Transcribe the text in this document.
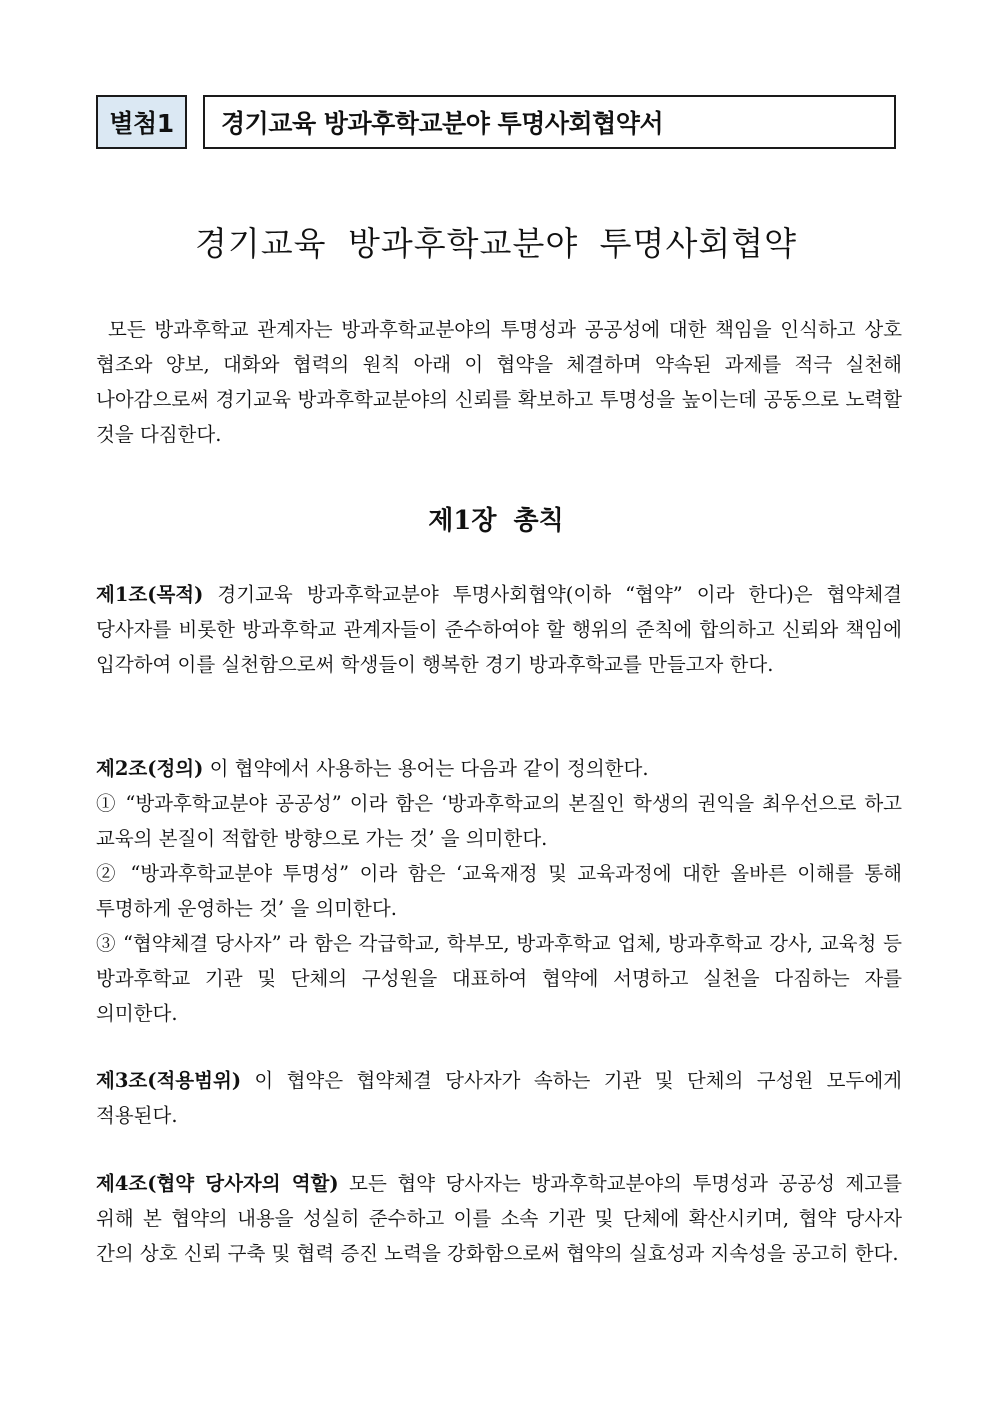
별첨1	경기교육 방과후학교분야 투명사회협약서
경기교육 방과후학교분야 투명사회협약
모든 방과후학교 관계자는 방과후학교분야의 투명성과 공공성에 대한 책임을 인식하고 상호 협조와 양보, 대화와 협력의 원칙 아래 이 협약을 체결하며 약속된 과제를 적극 실천해 나아감으로써 경기교육 방과후학교분야의 신뢰를 확보하고 투명성을 높이는데 공동으로 노력할 것을 다짐한다.
제1장 총칙
제1조(목적) 경기교육 방과후학교분야 투명사회협약(이하 “협약” 이라 한다)은 협약체결 당사자를 비롯한 방과후학교 관계자들이 준수하여야 할 행위의 준칙에 합의하고 신뢰와 책임에 입각하여 이를 실천함으로써 학생들이 행복한 경기 방과후학교를 만들고자 한다.
제2조(정의) 이 협약에서 사용하는 용어는 다음과 같이 정의한다.
① “방과후학교분야 공공성” 이라 함은 ‘방과후학교의 본질인 학생의 권익을 최우선으로 하고 교육의 본질이 적합한 방향으로 가는 것’ 을 의미한다.
② “방과후학교분야 투명성” 이라 함은 ‘교육재정 및 교육과정에 대한 올바른 이해를 통해 투명하게 운영하는 것’ 을 의미한다.
③ “협약체결 당사자” 라 함은 각급학교, 학부모, 방과후학교 업체, 방과후학교 강사, 교육청 등 방과후학교 기관 및 단체의 구성원을 대표하여 협약에 서명하고 실천을 다짐하는 자를 의미한다.
제3조(적용범위) 이 협약은 협약체결 당사자가 속하는 기관 및 단체의 구성원 모두에게 적용된다.
제4조(협약 당사자의 역할) 모든 협약 당사자는 방과후학교분야의 투명성과 공공성 제고를 위해 본 협약의 내용을 성실히 준수하고 이를 소속 기관 및 단체에 확산시키며, 협약 당사자 간의 상호 신뢰 구축 및 협력 증진 노력을 강화함으로써 협약의 실효성과 지속성을 공고히 한다.
